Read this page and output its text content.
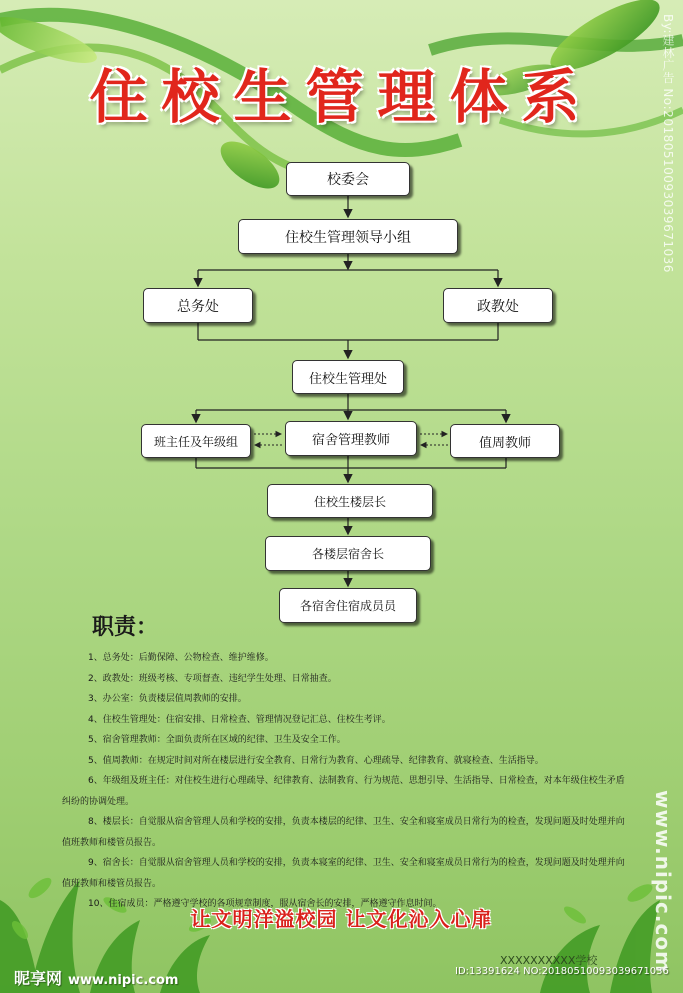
住校生管理体系
校委会
住校生管理领导小组
总务处	政教处
住校生管理处
班主任及年级组	宿舍管理教师	值周教师
住校生楼层长
各楼层宿舍长
各宿舍住宿成员员
职责：
1、总务处：后勤保障、公物检查、维护维修。
2、政教处：班级考核、专项督查、违纪学生处理、日常抽查。
3、办公室：负责楼层值周教师的安排。
4、住校生管理处：住宿安排、日常检查、管理情况登记汇总、住校生考评。
5、宿舍管理教师：全面负责所在区域的纪律、卫生及安全工作。
5、值周教师：在规定时间对所在楼层进行安全教育、日常行为教育、心理疏导、纪律教育、就寝检查、生活指导。
6、年级组及班主任：对住校生进行心理疏导、纪律教育、法制教育、行为规范、思想引导、生活指导、日常检查，对本年级住校生矛盾纠纷的协调处理。
8、楼层长：自觉服从宿舍管理人员和学校的安排，负责本楼层的纪律、卫生、安全和寝室成员日常行为的检查，发现问题及时处理并向值班教师和楼管员报告。
9、宿舍长：自觉服从宿舍管理人员和学校的安排，负责本寝室的纪律、卫生、安全和寝室成员日常行为的检查，发现问题及时处理并向值班教师和楼管员报告。
10、住宿成员：严格遵守学校的各项规章制度，服从宿舍长的安排，严格遵守作息时间。
让文明洋溢校园 让文化沁入心扉
XXXXXXXXXX学校
By:建林广告 No:20180510093039671036
www.nipic.com
昵享网 www.nipic.com
ID:13391624 NO:20180510093039671036
